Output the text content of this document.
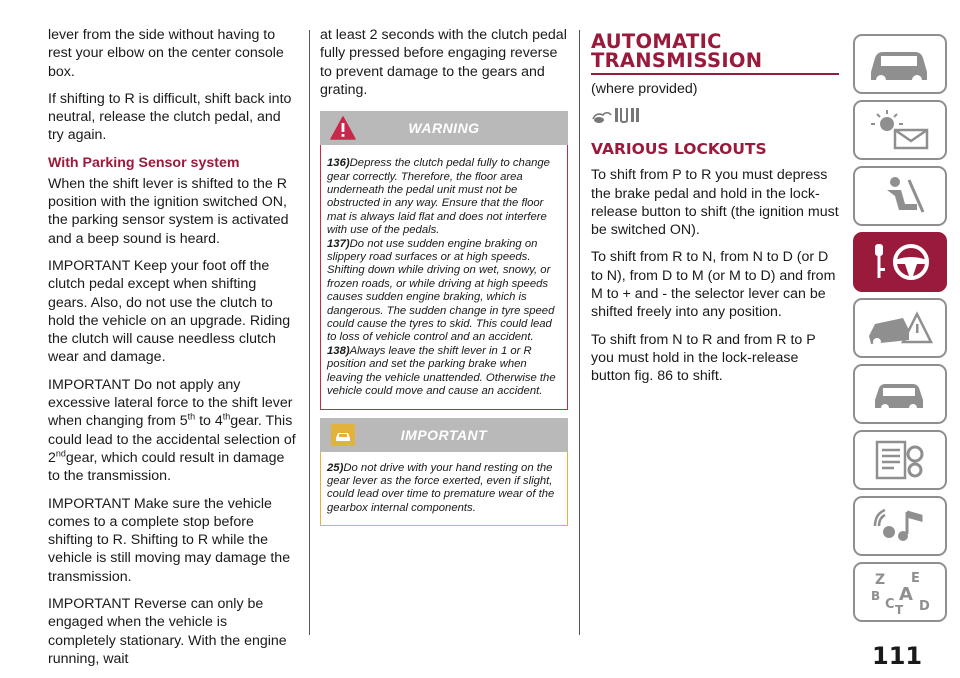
lever from the side without having to rest your elbow on the center console box.

If shifting to R is difficult, shift back into neutral, release the clutch pedal, and try again.

With Parking Sensor system

When the shift lever is shifted to the R position with the ignition switched ON, the parking sensor system is activated and a beep sound is heard.

IMPORTANT Keep your foot off the clutch pedal except when shifting gears. Also, do not use the clutch to hold the vehicle on an upgrade. Riding the clutch will cause needless clutch wear and damage.

IMPORTANT Do not apply any excessive lateral force to the shift lever when changing from 5th to 4thgear. This could lead to the accidental selection of 2ndgear, which could result in damage to the transmission.

IMPORTANT Make sure the vehicle comes to a complete stop before shifting to R. Shifting to R while the vehicle is still moving may damage the transmission.

IMPORTANT Reverse can only be engaged when the vehicle is completely stationary. With the engine running, wait

at least 2 seconds with the clutch pedal fully pressed before engaging reverse to prevent damage to the gears and grating.

WARNING

136)Depress the clutch pedal fully to change gear correctly. Therefore, the floor area underneath the pedal unit must not be obstructed in any way. Ensure that the floor mat is always laid flat and does not interfere with use of the pedals.

137)Do not use sudden engine braking on slippery road surfaces or at high speeds. Shifting down while driving on wet, snowy, or frozen roads, or while driving at high speeds causes sudden engine braking, which is dangerous. The sudden change in tyre speed could cause the tyres to skid. This could lead to loss of vehicle control and an accident.

138)Always leave the shift lever in 1 or R position and set the parking brake when leaving the vehicle unattended. Otherwise the vehicle could move and cause an accident.

IMPORTANT

25)Do not drive with your hand resting on the gear lever as the force exerted, even if slight, could lead over time to premature wear of the gearbox internal components.

AUTOMATIC
TRANSMISSION

(where provided)

VARIOUS LOCKOUTS

To shift from P to R you must depress the brake pedal and hold in the lock-release button to shift (the ignition must be switched ON).

To shift from R to N, from N to D (or D to N), from D to M (or M to D) and from M to + and - the selector lever can be shifted freely into any position.

To shift from N to R and from R to P you must hold in the lock-release button fig. 86 to shift.

Z E
A
B
C T D
111
